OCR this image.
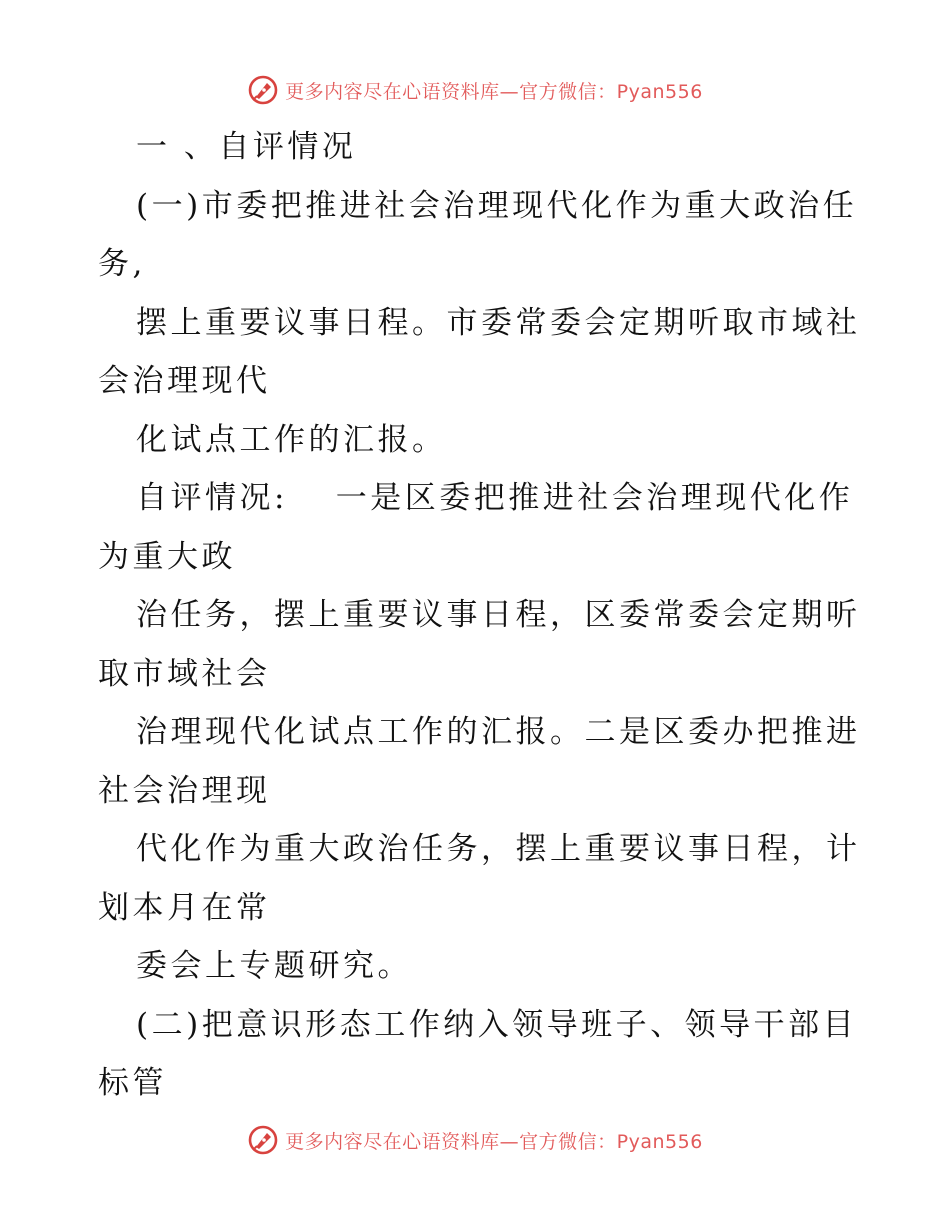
更多内容尽在心语资料库—官方微信：Pyan556
一 、自评情况
(一)市委把推进社会治理现代化作为重大政治任
务,
摆上重要议事日程。市委常委会定期听取市域社
会治理现代
化试点工作的汇报。
自评情况:　 一是区委把推进社会治理现代化作
为重大政
治任务，摆上重要议事日程，区委常委会定期听
取市域社会
治理现代化试点工作的汇报。二是区委办把推进
社会治理现
代化作为重大政治任务，摆上重要议事日程，计
划本月在常
委会上专题研究。
(二)把意识形态工作纳入领导班子、领导干部目
标管
更多内容尽在心语资料库—官方微信：Pyan556
